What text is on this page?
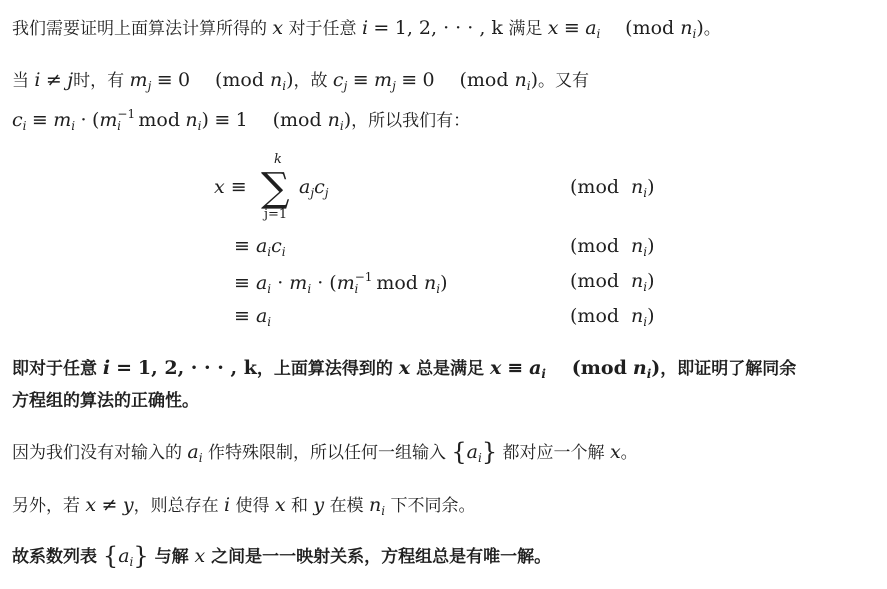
我们需要证明上面算法计算所得的 x 对于任意 i = 1, 2, · · · , k 满足 $x \equiv a_i$ (mod $n_i$)。
当 i ≠ j时，有 $m_j \equiv 0$ (mod $n_i$)，故 $c_j \equiv m_j \equiv 0$ (mod $n_i$)。又有
$c_i \equiv m_i \cdot (m^{-1}_i$ mod $n_i) \equiv 1$ (mod $n_i$)，所以我们有：
x ≡
k
∑
j=1
$a_jc_j$	(mod $n_i$)
≡ $a_ic_i$	(mod $n_i$)
≡ $a_i \cdot m_i \cdot (m^{-1}_i$ mod $n_i$)	(mod $n_i$)
≡ $a_i$	(mod $n_i$)
即对于任意 i = 1, 2, · · · , k，上面算法得到的 x 总是满足 $x \equiv a_i$ (mod $n_i$)，即证明了解同余
方程组的算法的正确性。
因为我们没有对输入的 $a_i$ 作特殊限制，所以任何一组输入 $\{a_i\}$ 都对应一个解 x。
另外，若 x ≠ y，则总存在 i 使得 x 和 y 在模 $n_i$ 下不同余。
故系数列表 $\{a_i\}$ 与解 x 之间是一一映射关系，方程组总是有唯一解。
